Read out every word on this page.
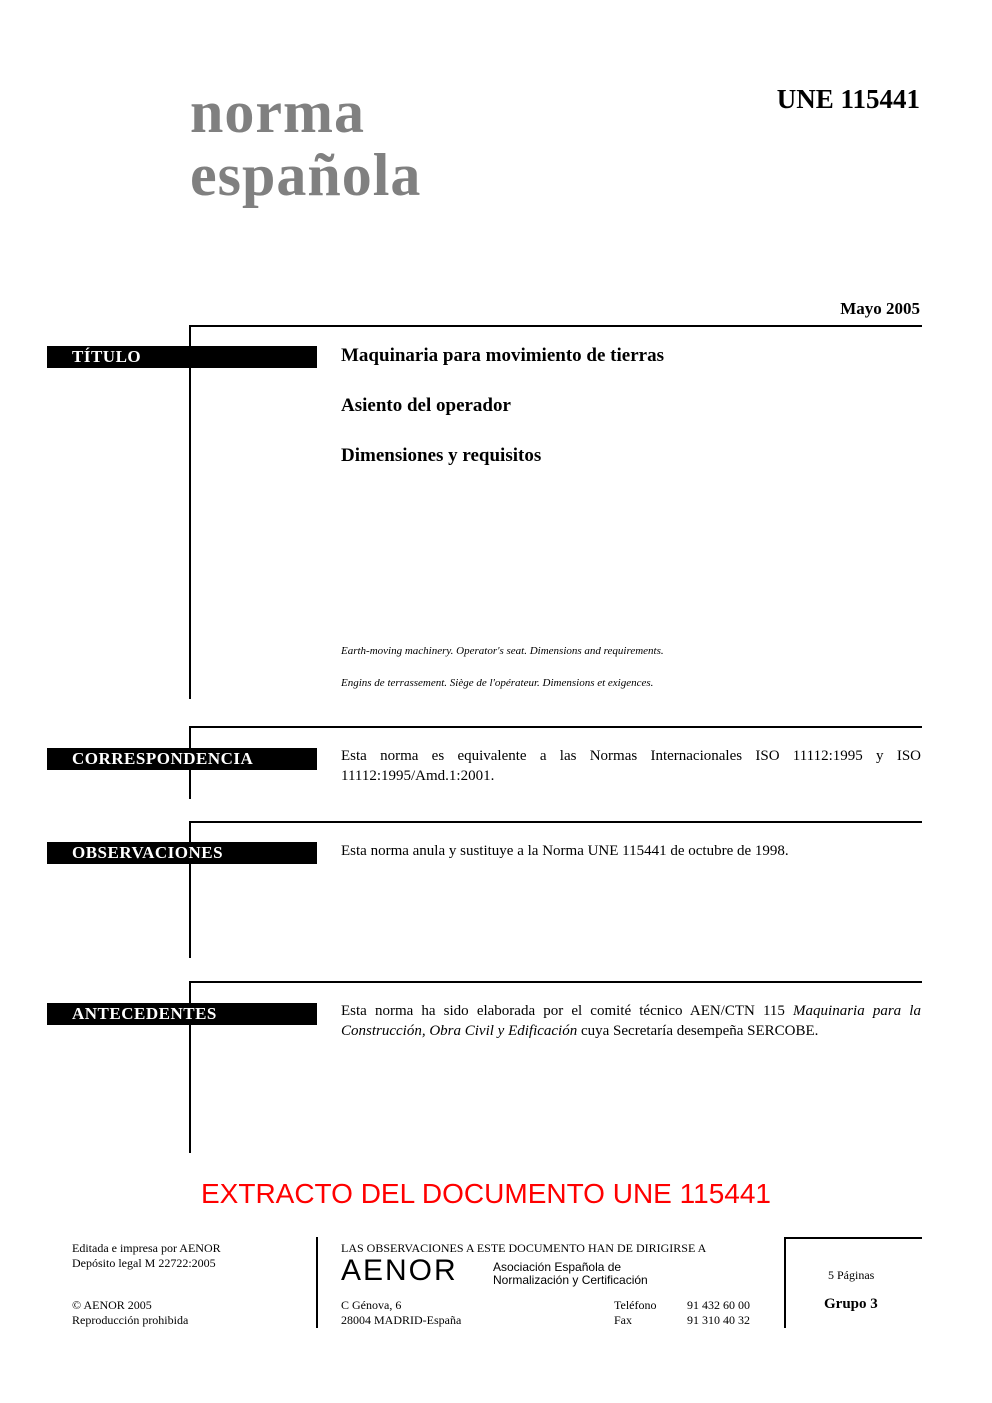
norma
española
UNE 115441
Mayo 2005
TÍTULO	Maquinaria para movimiento de tierras
Asiento del operador
Dimensiones y requisitos
Earth-moving machinery. Operator's seat. Dimensions and requirements.
Engins de terrassement. Siège de l'opérateur. Dimensions et exigences.
CORRESPONDENCIA	Esta norma es equivalente a las Normas Internacionales ISO 11112:1995 y ISO 11112:1995/Amd.1:2001.
OBSERVACIONES	Esta norma anula y sustituye a la Norma UNE 115441 de octubre de 1998.
ANTECEDENTES	Esta norma ha sido elaborada por el comité técnico AEN/CTN 115 Maquinaria para la Construcción, Obra Civil y Edificación cuya Secretaría desempeña SERCOBE.
EXTRACTO DEL DOCUMENTO UNE 115441
Editada e impresa por AENOR
Depósito legal M 22722:2005
© AENOR 2005
Reproducción prohibida
LAS OBSERVACIONES A ESTE DOCUMENTO HAN DE DIRIGIRSE A
AENOR	Asociación Española de
Normalización y Certificación
C Génova, 6
28004 MADRID-España
Teléfono	91 432 60 00
Fax	91 310 40 32
5 Páginas
Grupo 3
